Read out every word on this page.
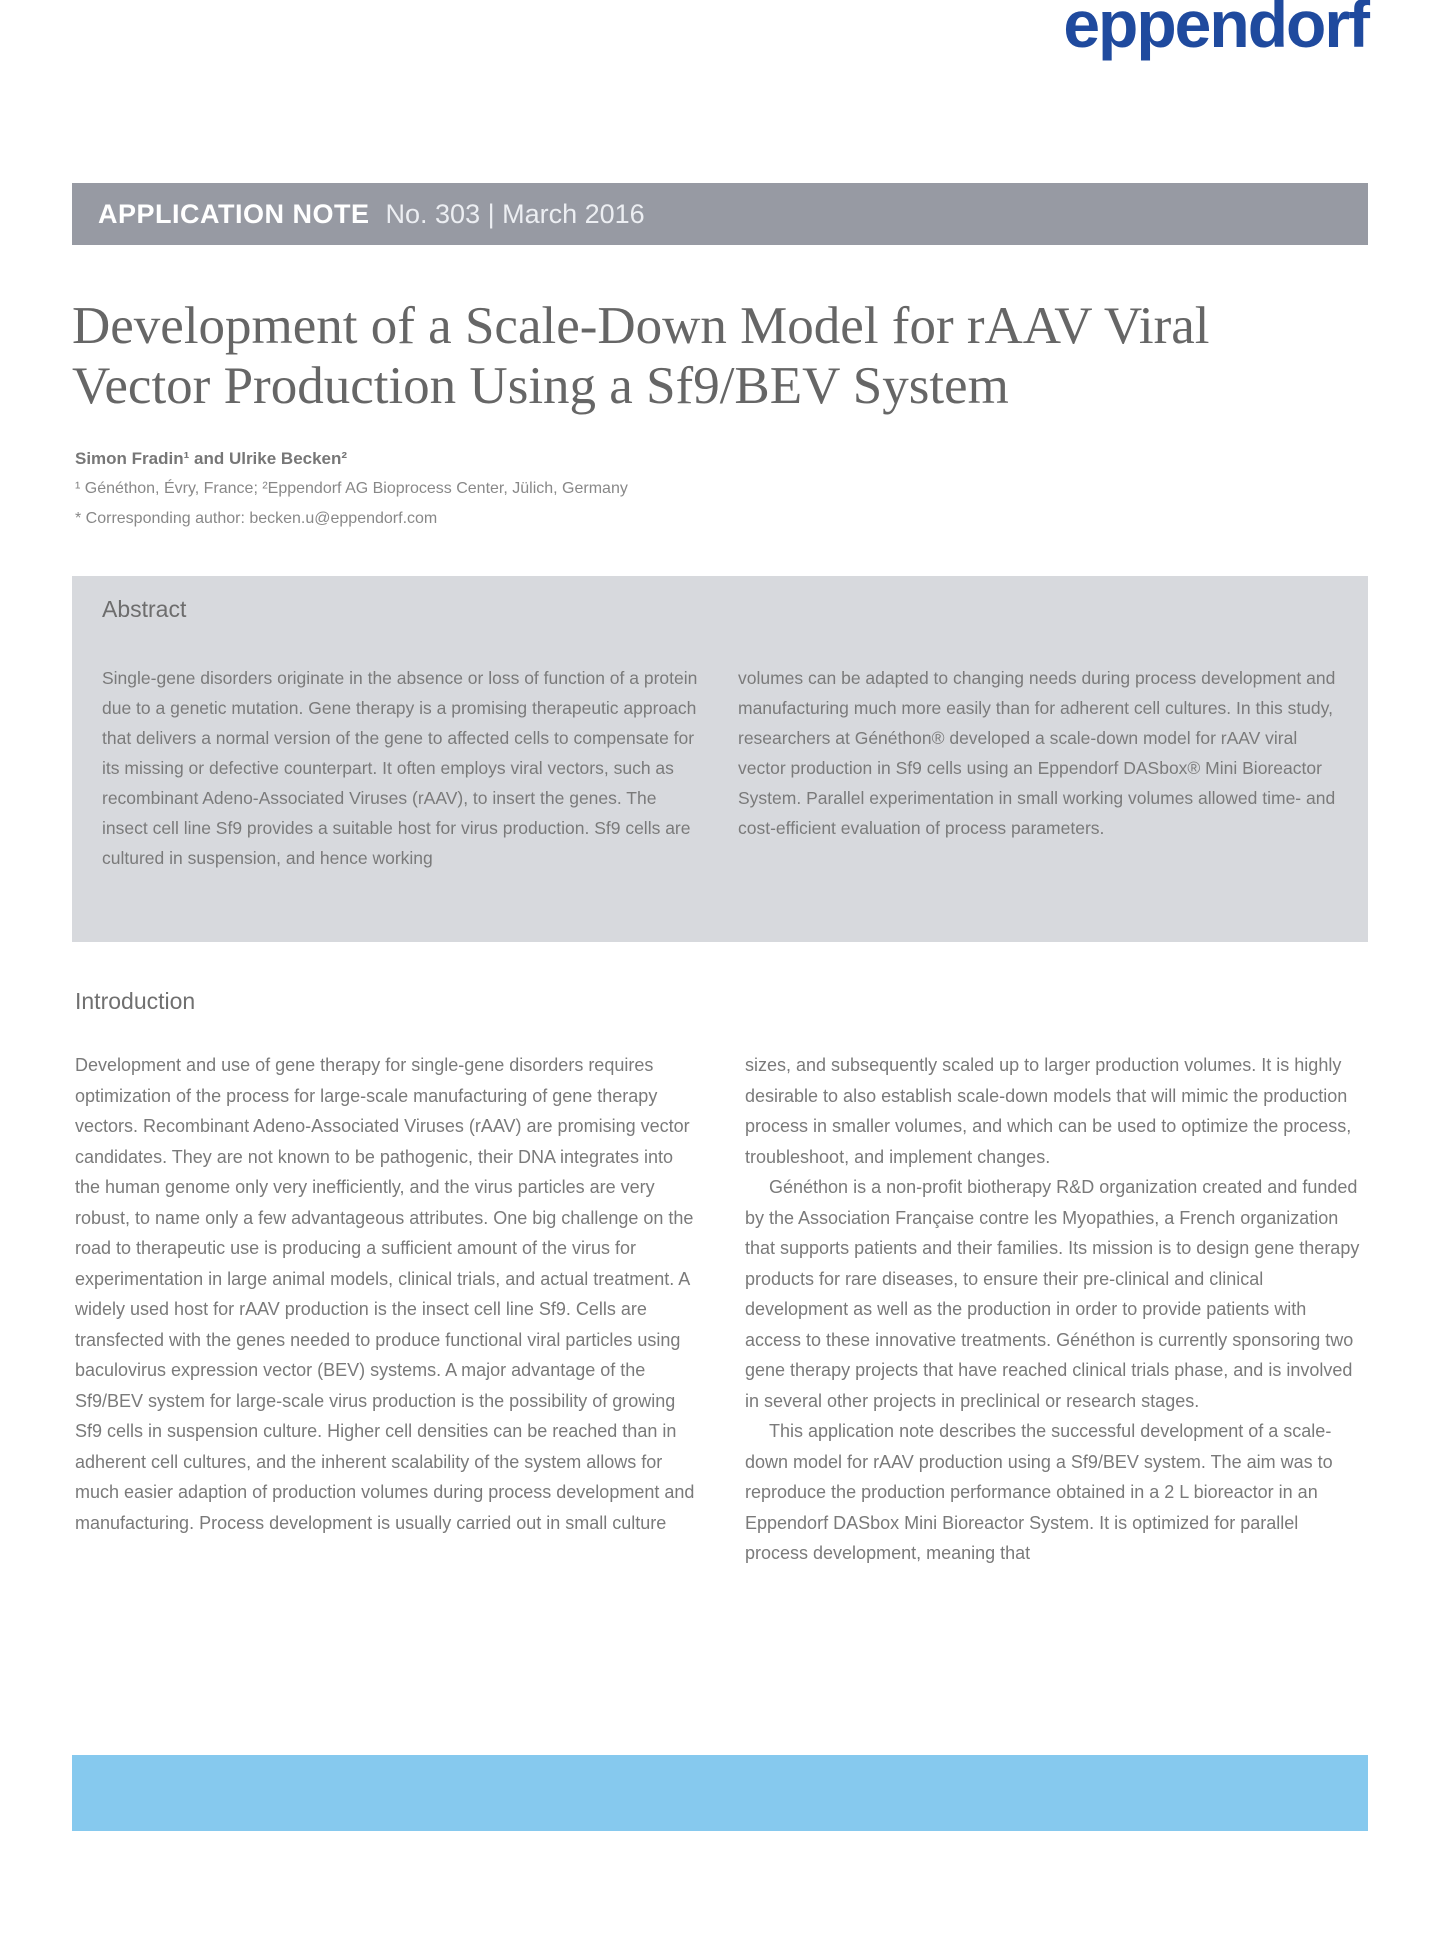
eppendorf
APPLICATION NOTE No. 303 | March 2016
Development of a Scale-Down Model for rAAV Viral
Vector Production Using a Sf9/BEV System
Simon Fradin¹ and Ulrike Becken²
¹ Généthon, Évry, France; ²Eppendorf AG Bioprocess Center, Jülich, Germany
* Corresponding author: becken.u@eppendorf.com
Abstract

Single-gene disorders originate in the absence or loss of function of a protein due to a genetic mutation. Gene therapy is a promising therapeutic approach that delivers a normal version of the gene to affected cells to compensate for its missing or defective counterpart. It often employs viral vectors, such as recombinant Adeno-Associated Viruses (rAAV), to insert the genes. The insect cell line Sf9 provides a suitable host for virus production. Sf9 cells are cultured in suspension, and hence working

volumes can be adapted to changing needs during process development and manufacturing much more easily than for adherent cell cultures. In this study, researchers at Généthon® developed a scale-down model for rAAV viral vector production in Sf9 cells using an Eppendorf DASbox® Mini Bioreactor System. Parallel experimentation in small working volumes allowed time- and cost-efficient evaluation of process parameters.

Introduction

Development and use of gene therapy for single-gene disorders requires optimization of the process for large-scale manufacturing of gene therapy vectors. Recombinant Adeno-Associated Viruses (rAAV) are promising vector candidates. They are not known to be pathogenic, their DNA integrates into the human genome only very inefficiently, and the virus particles are very robust, to name only a few advantageous attributes. One big challenge on the road to therapeutic use is producing a sufficient amount of the virus for experimentation in large animal models, clinical trials, and actual treatment. A widely used host for rAAV production is the insect cell line Sf9. Cells are transfected with the genes needed to produce functional viral particles using baculovirus expression vector (BEV) systems. A major advantage of the Sf9/BEV system for large-scale virus production is the possibility of growing Sf9 cells in suspension culture. Higher cell densities can be reached than in adherent cell cultures, and the inherent scalability of the system allows for much easier adaption of production volumes during process development and manufacturing. Process development is usually carried out in small culture

sizes, and subsequently scaled up to larger production volumes. It is highly desirable to also establish scale-down models that will mimic the production process in smaller volumes, and which can be used to optimize the process, troubleshoot, and implement changes.

Généthon is a non-profit biotherapy R&D organization created and funded by the Association Française contre les Myopathies, a French organization that supports patients and their families. Its mission is to design gene therapy products for rare diseases, to ensure their pre-clinical and clinical development as well as the production in order to provide patients with access to these innovative treatments. Généthon is currently sponsoring two gene therapy projects that have reached clinical trials phase, and is involved in several other projects in preclinical or research stages.

This application note describes the successful development of a scale-down model for rAAV production using a Sf9/BEV system. The aim was to reproduce the production performance obtained in a 2 L bioreactor in an Eppendorf DASbox Mini Bioreactor System. It is optimized for parallel process development, meaning that
